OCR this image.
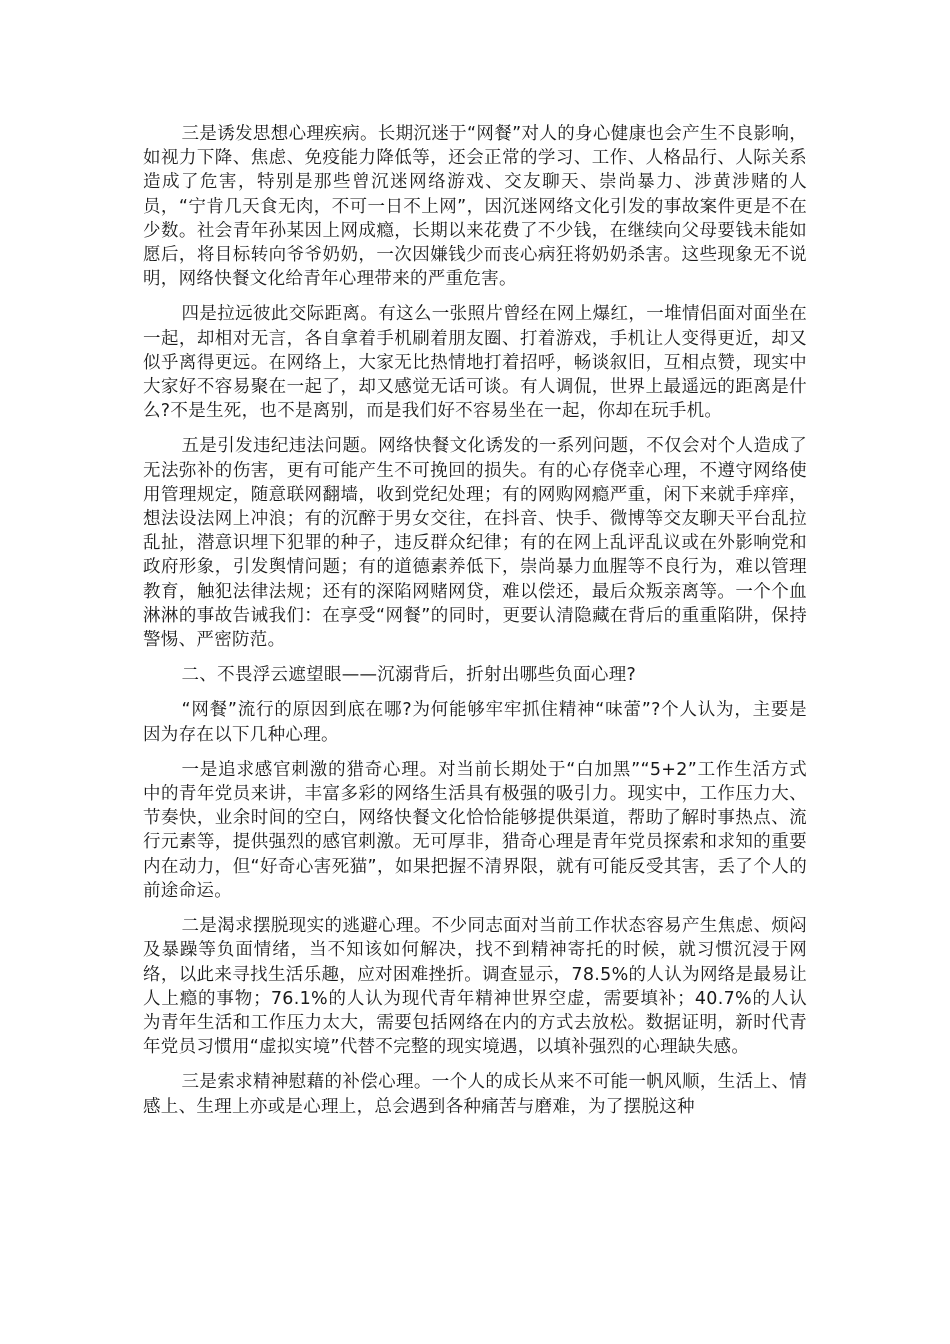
三是诱发思想心理疾病。长期沉迷于“网餐”对人的身心健康也会产生不良影响，如视力下降、焦虑、免疫能力降低等，还会正常的学习、工作、人格品行、人际关系造成了危害，特别是那些曾沉迷网络游戏、交友聊天、崇尚暴力、涉黄涉赌的人员，“宁肯几天食无肉，不可一日不上网”，因沉迷网络文化引发的事故案件更是不在少数。社会青年孙某因上网成瘾，长期以来花费了不少钱，在继续向父母要钱未能如愿后，将目标转向爷爷奶奶，一次因嫌钱少而丧心病狂将奶奶杀害。这些现象无不说明，网络快餐文化给青年心理带来的严重危害。

四是拉远彼此交际距离。有这么一张照片曾经在网上爆红，一堆情侣面对面坐在一起，却相对无言，各自拿着手机刷着朋友圈、打着游戏，手机让人变得更近，却又似乎离得更远。在网络上，大家无比热情地打着招呼，畅谈叙旧，互相点赞，现实中大家好不容易聚在一起了，却又感觉无话可谈。有人调侃，世界上最遥远的距离是什么?不是生死，也不是离别，而是我们好不容易坐在一起，你却在玩手机。

五是引发违纪违法问题。网络快餐文化诱发的一系列问题，不仅会对个人造成了无法弥补的伤害，更有可能产生不可挽回的损失。有的心存侥幸心理，不遵守网络使用管理规定，随意联网翻墙，收到党纪处理；有的网购网瘾严重，闲下来就手痒痒，想法设法网上冲浪；有的沉醉于男女交往，在抖音、快手、微博等交友聊天平台乱拉乱扯，潜意识埋下犯罪的种子，违反群众纪律；有的在网上乱评乱议或在外影响党和政府形象，引发舆情问题；有的道德素养低下，崇尚暴力血腥等不良行为，难以管理教育，触犯法律法规；还有的深陷网赌网贷，难以偿还，最后众叛亲离等。一个个血淋淋的事故告诫我们：在享受“网餐”的同时，更要认清隐藏在背后的重重陷阱，保持警惕、严密防范。

二、不畏浮云遮望眼——沉溺背后，折射出哪些负面心理?

“网餐”流行的原因到底在哪?为何能够牢牢抓住精神“味蕾”?个人认为，主要是因为存在以下几种心理。

一是追求感官刺激的猎奇心理。对当前长期处于“白加黑”“5+2”工作生活方式中的青年党员来讲，丰富多彩的网络生活具有极强的吸引力。现实中，工作压力大、节奏快，业余时间的空白，网络快餐文化恰恰能够提供渠道，帮助了解时事热点、流行元素等，提供强烈的感官刺激。无可厚非，猎奇心理是青年党员探索和求知的重要内在动力，但“好奇心害死猫”，如果把握不清界限，就有可能反受其害，丢了个人的前途命运。

二是渴求摆脱现实的逃避心理。不少同志面对当前工作状态容易产生焦虑、烦闷及暴躁等负面情绪，当不知该如何解决，找不到精神寄托的时候，就习惯沉浸于网络，以此来寻找生活乐趣，应对困难挫折。调查显示，78.5%的人认为网络是最易让人上瘾的事物；76.1%的人认为现代青年精神世界空虚，需要填补；40.7%的人认为青年生活和工作压力太大，需要包括网络在内的方式去放松。数据证明，新时代青年党员习惯用“虚拟实境”代替不完整的现实境遇，以填补强烈的心理缺失感。

三是索求精神慰藉的补偿心理。一个人的成长从来不可能一帆风顺，生活上、情感上、生理上亦或是心理上，总会遇到各种痛苦与磨难，为了摆脱这种
